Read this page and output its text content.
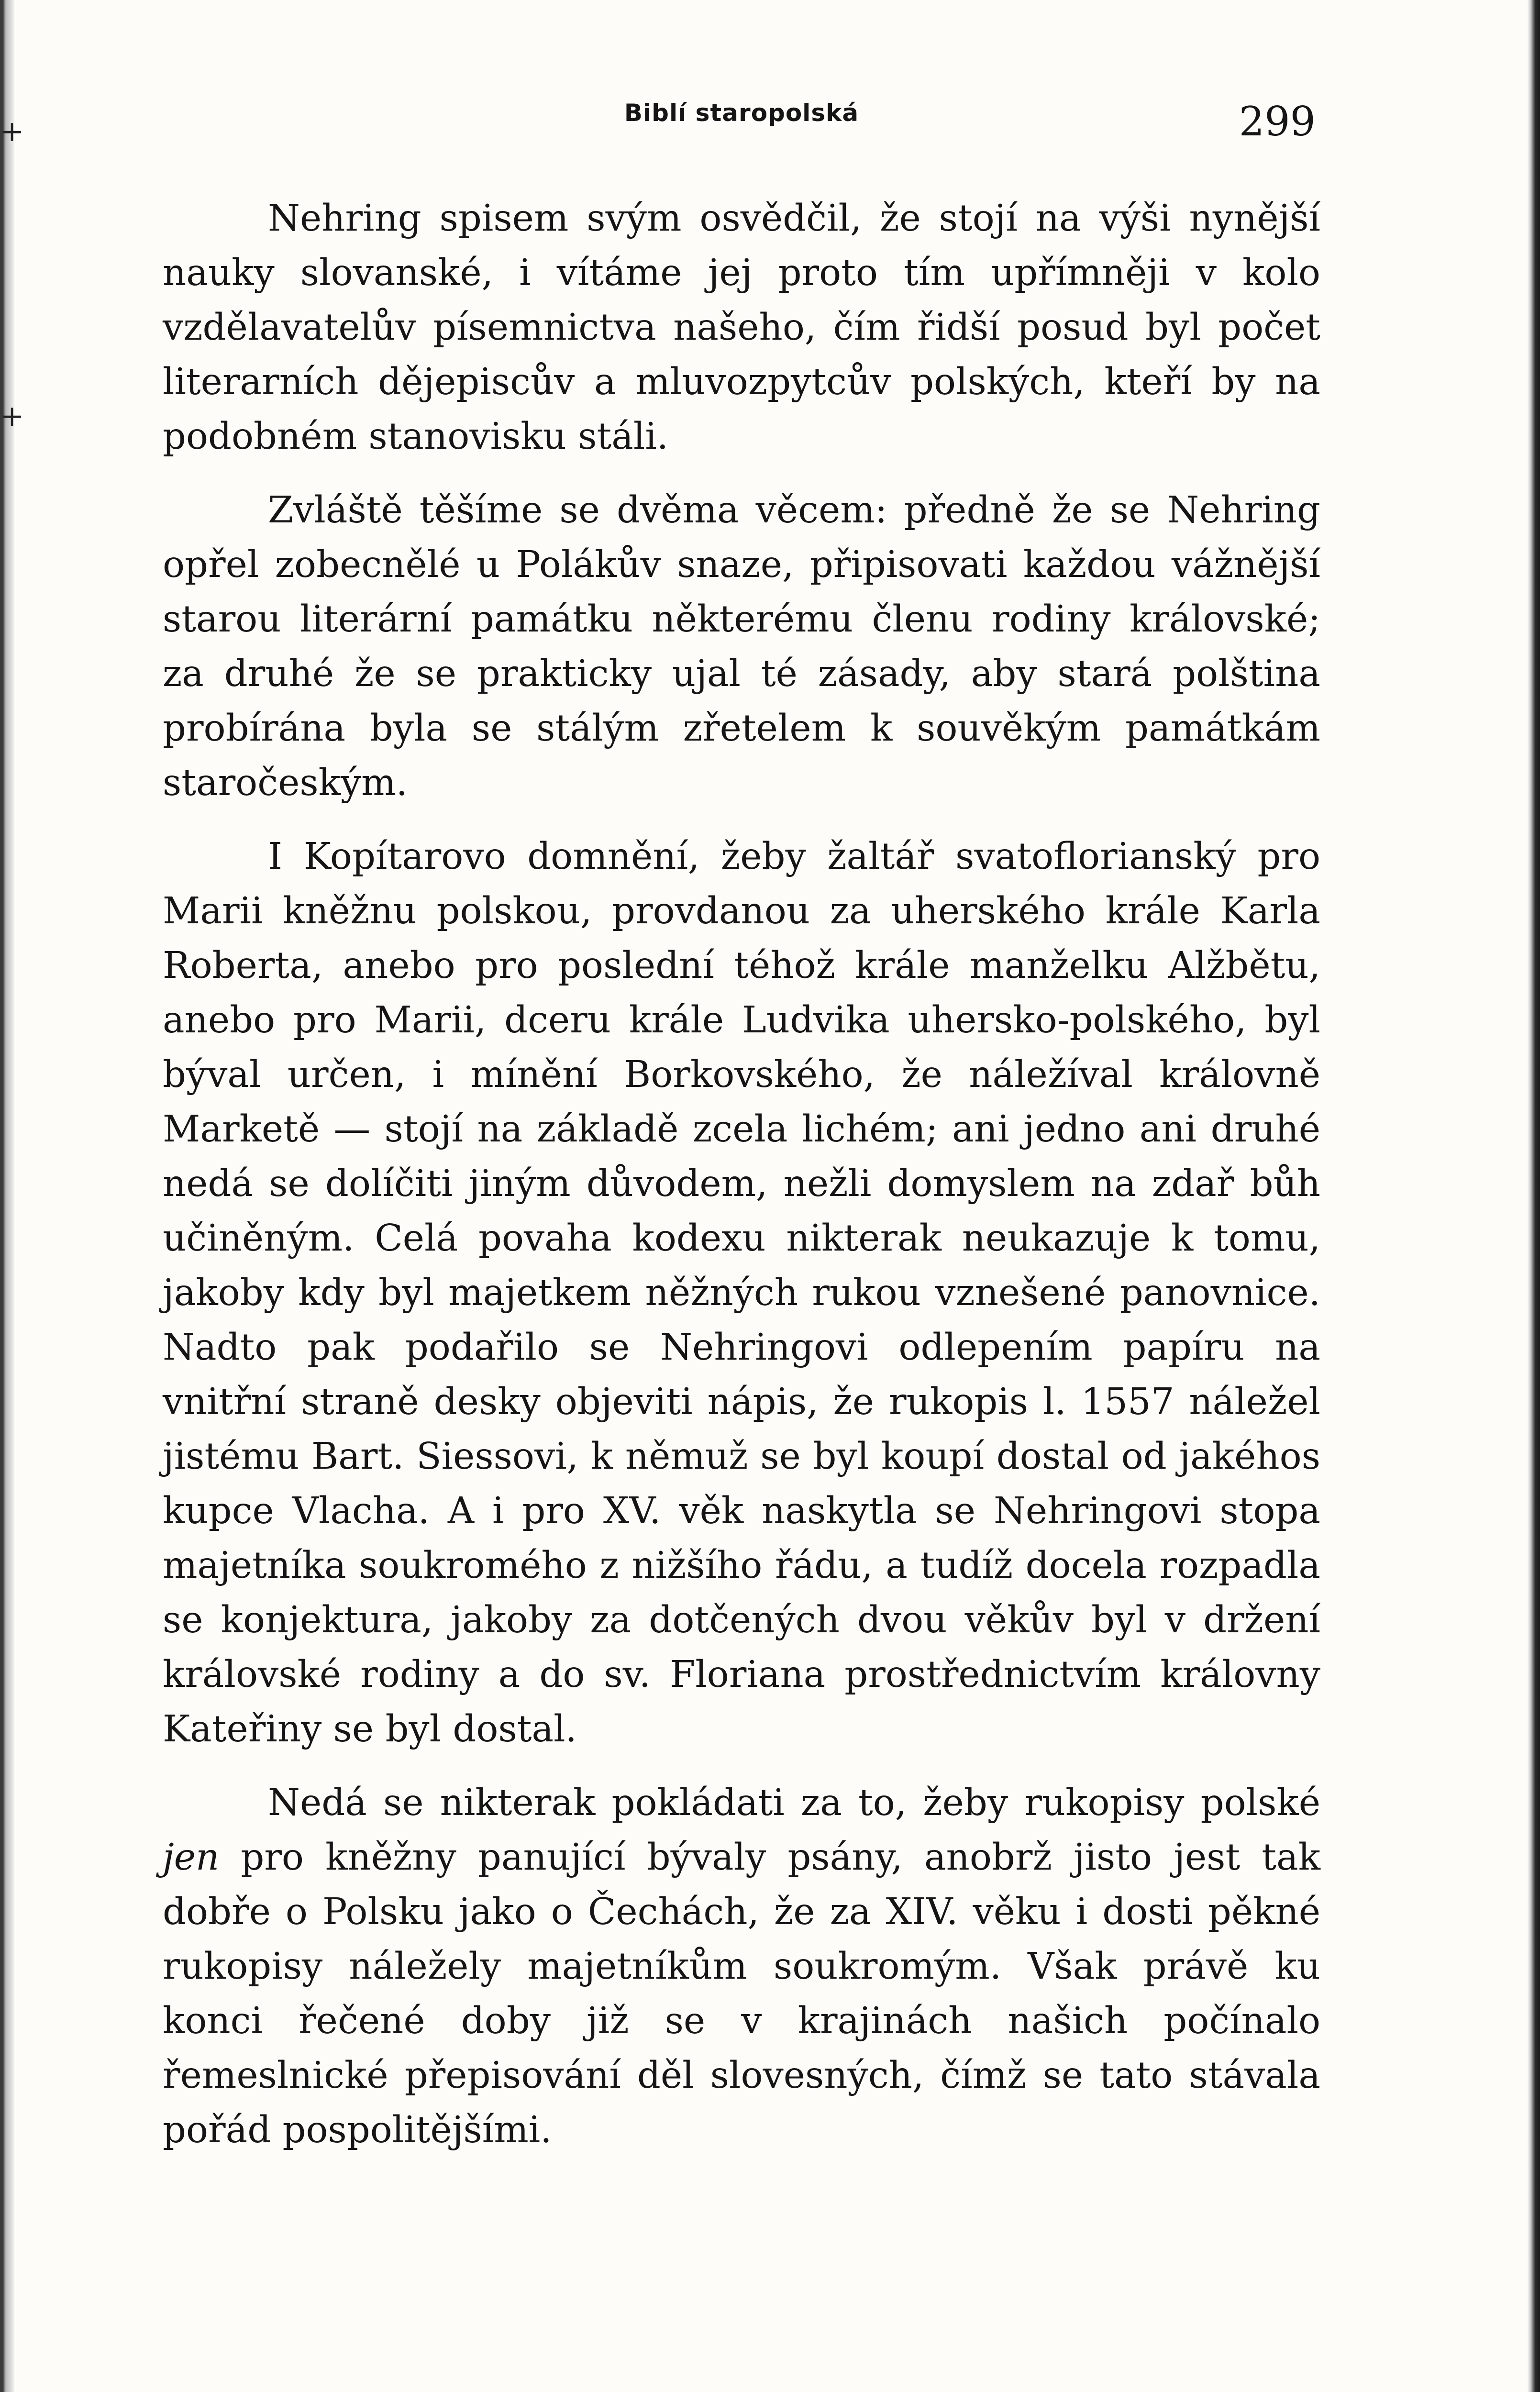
+
+
Biblí staropolská	299

Nehring spisem svým osvědčil, že stojí na výši nynější nauky slovanské, i vítáme jej proto tím upřímněji v kolo vzdělavatelův písemnictva našeho, čím řidší posud byl počet literarních dějepiscův a mluvozpytcův polských, kteří by na podobném stanovisku stáli.

Zvláště těšíme se dvěma věcem: předně že se Nehring opřel zobecnělé u Polákův snaze, připisovati každou vážnější starou literární památku některému členu rodiny královské; za druhé že se prakticky ujal té zásady, aby stará polština probírána byla se stálým zřetelem k souvěkým památkám staročeským.

I Kopítarovo domnění, žeby žaltář svatoflorianský pro Marii kněžnu polskou, provdanou za uherského krále Karla Roberta, anebo pro poslední téhož krále manželku Alžbětu, anebo pro Marii, dceru krále Ludvika uhersko-polského, byl býval určen, i mínění Borkovského, že náležíval královně Marketě — stojí na základě zcela lichém; ani jedno ani druhé nedá se dolíčiti jiným důvodem, nežli domyslem na zdař bůh učiněným. Celá povaha kodexu nikterak neukazuje k tomu, jakoby kdy byl majetkem něžných rukou vznešené panovnice. Nadto pak podařilo se Nehringovi odlepením papíru na vnitřní straně desky objeviti nápis, že rukopis l. 1557 náležel jistému Bart. Siessovi, k němuž se byl koupí dostal od jakéhos kupce Vlacha. A i pro XV. věk naskytla se Nehringovi stopa majetníka soukromého z nižšího řádu, a tudíž docela rozpadla se konjektura, jakoby za dotčených dvou věkův byl v držení královské rodiny a do sv. Floriana prostřednictvím královny Kateřiny se byl dostal.

Nedá se nikterak pokládati za to, žeby rukopisy polské jen pro kněžny panující bývaly psány, anobrž jisto jest tak dobře o Polsku jako o Čechách, že za XIV. věku i dosti pěkné rukopisy náležely majetníkům soukromým. Však právě ku konci řečené doby již se v krajinách našich počínalo řemeslnické přepisování děl slovesných, čímž se tato stávala pořád pospolitějšími.
